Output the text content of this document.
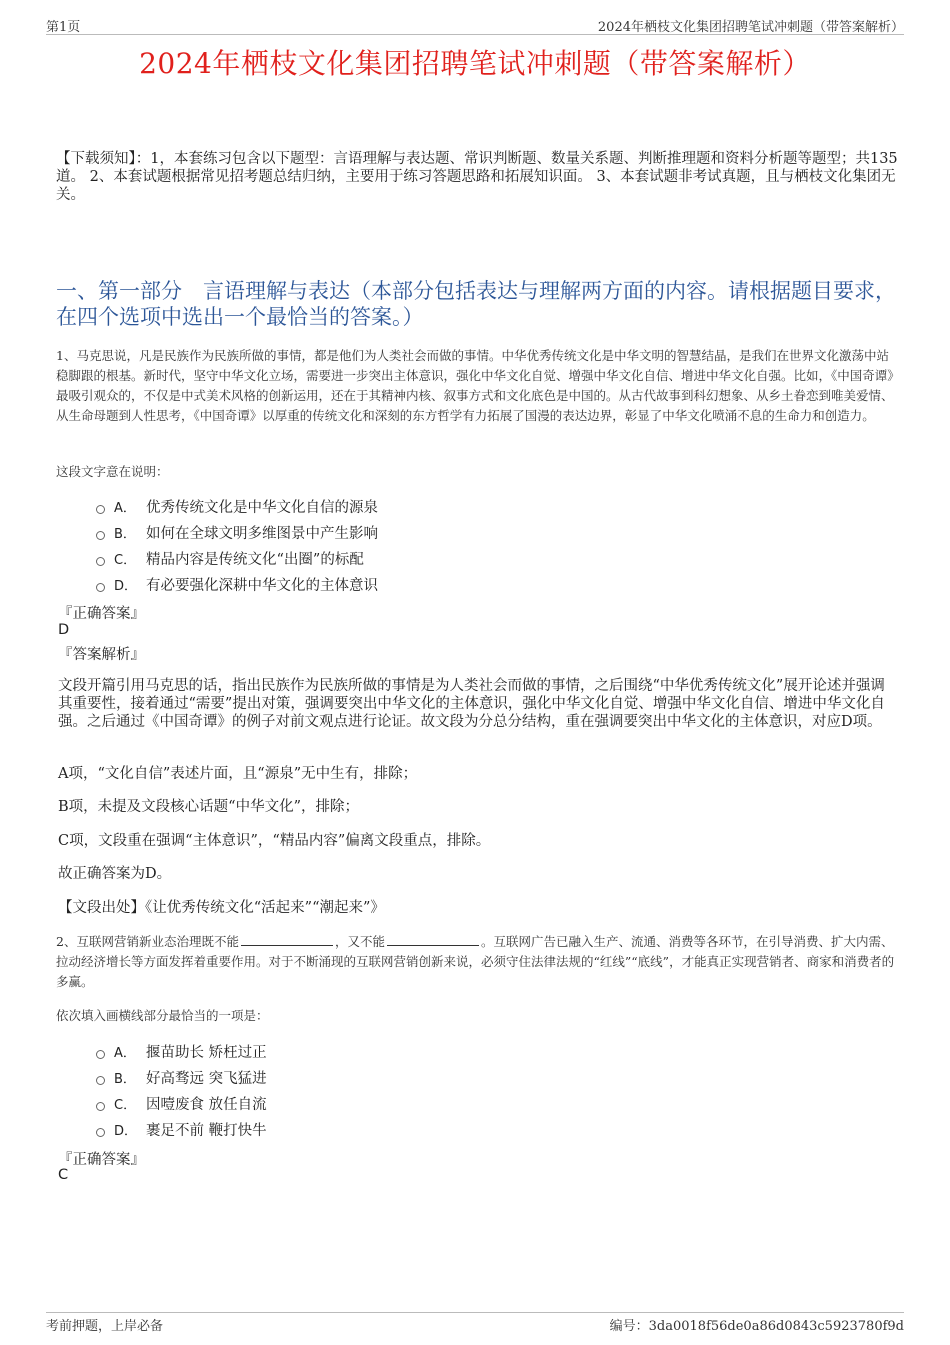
第1页	2024年栖枝文化集团招聘笔试冲刺题（带答案解析）
2024年栖枝文化集团招聘笔试冲刺题（带答案解析）
【下载须知】：1，本套练习包含以下题型：言语理解与表达题、常识判断题、数量关系题、判断推理题和资料分析题等题型；共135道。 2、本套试题根据常见招考题总结归纳，主要用于练习答题思路和拓展知识面。 3、本套试题非考试真题，且与栖枝文化集团无关。
一、第一部分　言语理解与表达（本部分包括表达与理解两方面的内容。请根据题目要求，在四个选项中选出一个最恰当的答案。）
1、马克思说，凡是民族作为民族所做的事情，都是他们为人类社会而做的事情。中华优秀传统文化是中华文明的智慧结晶，是我们在世界文化激荡中站稳脚跟的根基。新时代，坚守中华文化立场，需要进一步突出主体意识，强化中华文化自觉、增强中华文化自信、增进中华文化自强。比如，《中国奇谭》最吸引观众的，不仅是中式美术风格的创新运用，还在于其精神内核、叙事方式和文化底色是中国的。从古代故事到科幻想象、从乡土眷恋到唯美爱情、从生命母题到人性思考，《中国奇谭》以厚重的传统文化和深刻的东方哲学有力拓展了国漫的表达边界，彰显了中华文化喷涌不息的生命力和创造力。
这段文字意在说明：
A． 优秀传统文化是中华文化自信的源泉
B． 如何在全球文明多维图景中产生影响
C． 精品内容是传统文化“出圈”的标配
D． 有必要强化深耕中华文化的主体意识
『正确答案』
D
『答案解析』
文段开篇引用马克思的话，指出民族作为民族所做的事情是为人类社会而做的事情，之后围绕“中华优秀传统文化”展开论述并强调其重要性，接着通过“需要”提出对策，强调要突出中华文化的主体意识，强化中华文化自觉、增强中华文化自信、增进中华文化自强。之后通过《中国奇谭》的例子对前文观点进行论证。故文段为分总分结构，重在强调要突出中华文化的主体意识，对应D项。
A项，“文化自信”表述片面，且“源泉”无中生有，排除；
B项，未提及文段核心话题“中华文化”，排除；
C项，文段重在强调“主体意识”，“精品内容”偏离文段重点，排除。
故正确答案为D。
【文段出处】《让优秀传统文化“活起来”“潮起来”》
2、互联网营销新业态治理既不能	，又不能	。互联网广告已融入生产、流通、消费等各环节，在引导消费、扩大内需、拉动经济增长等方面发挥着重要作用。对于不断涌现的互联网营销创新来说，必须守住法律法规的“红线”“底线”，才能真正实现营销者、商家和消费者的多赢。
依次填入画横线部分最恰当的一项是：
A． 揠苗助长 矫枉过正
B． 好高骛远 突飞猛进
C． 因噎废食 放任自流
D． 裹足不前 鞭打快牛
『正确答案』
C
考前押题，上岸必备	编号：3da0018f56de0a86d0843c5923780f9d
